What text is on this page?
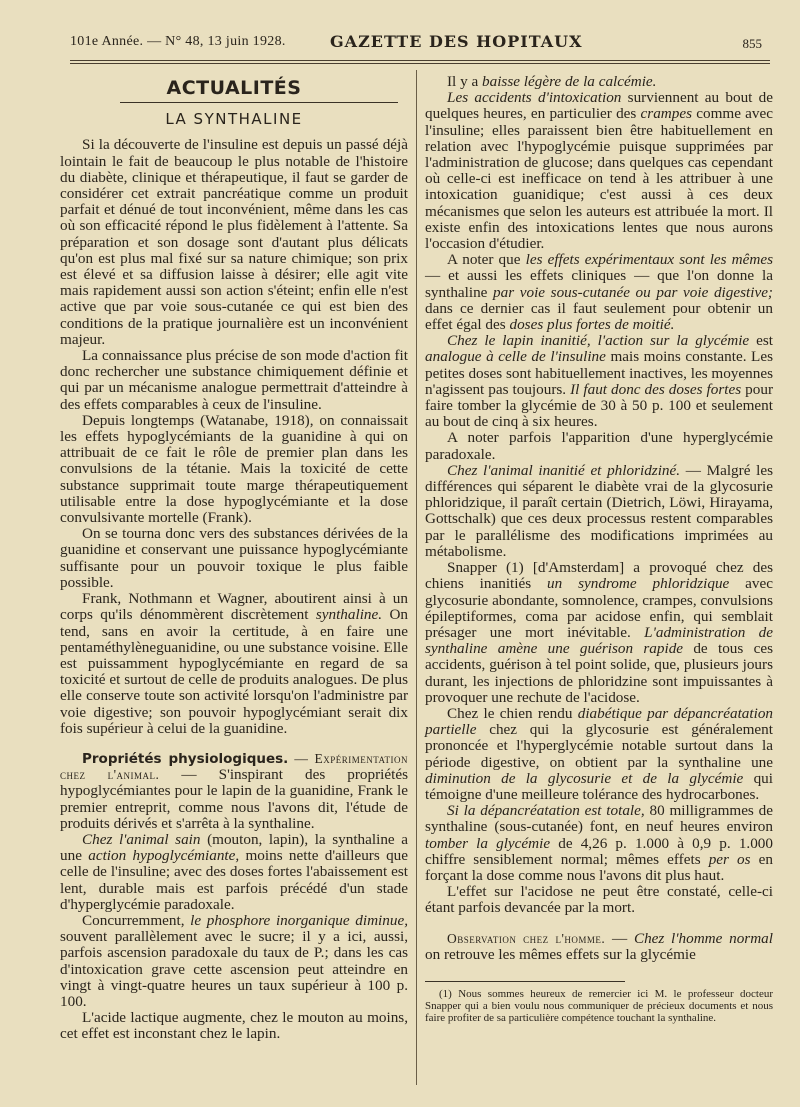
101e Année. — N° 48, 13 juin 1928.	GAZETTE DES HOPITAUX	855
ACTUALITÉS
LA SYNTHALINE

Si la découverte de l'insuline est depuis un passé déjà lointain le fait de beaucoup le plus notable de l'histoire du diabète, clinique et thérapeutique, il faut se garder de considérer cet extrait pancréatique comme un produit parfait et dénué de tout inconvénient, même dans les cas où son efficacité répond le plus fidèlement à l'attente. Sa préparation et son dosage sont d'autant plus délicats qu'on est plus mal fixé sur sa nature chimique; son prix est élevé et sa diffusion laisse à désirer; elle agit vite mais rapidement aussi son action s'éteint; enfin elle n'est active que par voie sous-cutanée ce qui est bien des conditions de la pratique journalière est un inconvénient majeur.

La connaissance plus précise de son mode d'action fit donc rechercher une substance chimiquement définie et qui par un mécanisme analogue permettrait d'atteindre à des effets comparables à ceux de l'insuline.

Depuis longtemps (Watanabe, 1918), on connaissait les effets hypoglycémiants de la guanidine à qui on attribuait de ce fait le rôle de premier plan dans les convulsions de la tétanie. Mais la toxicité de cette substance supprimait toute marge thérapeutiquement utilisable entre la dose hypoglycémiante et la dose convulsivante mortelle (Frank).

On se tourna donc vers des substances dérivées de la guanidine et conservant une puissance hypoglycémiante suffisante pour un pouvoir toxique le plus faible possible.

Frank, Nothmann et Wagner, aboutirent ainsi à un corps qu'ils dénommèrent discrètement synthaline. On tend, sans en avoir la certitude, à en faire une pentaméthylèneguanidine, ou une substance voisine. Elle est puissamment hypoglycémiante en regard de sa toxicité et surtout de celle de produits analogues. De plus elle conserve toute son activité lorsqu'on l'administre par voie digestive; son pouvoir hypoglycémiant serait dix fois supérieur à celui de la guanidine.

Propriétés physiologiques. — Expérimentation chez l'animal. — S'inspirant des propriétés hypoglycémiantes pour le lapin de la guanidine, Frank le premier entreprit, comme nous l'avons dit, l'étude de produits dérivés et s'arrêta à la synthaline.

Chez l'animal sain (mouton, lapin), la synthaline a une action hypoglycémiante, moins nette d'ailleurs que celle de l'insuline; avec des doses fortes l'abaissement est lent, durable mais est parfois précédé d'un stade d'hyperglycémie paradoxale.

Concurremment, le phosphore inorganique diminue, souvent parallèlement avec le sucre; il y a ici, aussi, parfois ascension paradoxale du taux de P.; dans les cas d'intoxication grave cette ascension peut atteindre en vingt à vingt-quatre heures un taux supérieur à 100 p. 100.

L'acide lactique augmente, chez le mouton au moins, cet effet est inconstant chez le lapin.

Il y a baisse légère de la calcémie.

Les accidents d'intoxication surviennent au bout de quelques heures, en particulier des crampes comme avec l'insuline; elles paraissent bien être habituellement en relation avec l'hypoglycémie puisque supprimées par l'administration de glucose; dans quelques cas cependant où celle-ci est inefficace on tend à les attribuer à une intoxication guanidique; c'est aussi à ces deux mécanismes que selon les auteurs est attribuée la mort. Il existe enfin des intoxications lentes que nous aurons l'occasion d'étudier.

A noter que les effets expérimentaux sont les mêmes — et aussi les effets cliniques — que l'on donne la synthaline par voie sous-cutanée ou par voie digestive; dans ce dernier cas il faut seulement pour obtenir un effet égal des doses plus fortes de moitié.

Chez le lapin inanitié, l'action sur la glycémie est analogue à celle de l'insuline mais moins constante. Les petites doses sont habituellement inactives, les moyennes n'agissent pas toujours. Il faut donc des doses fortes pour faire tomber la glycémie de 30 à 50 p. 100 et seulement au bout de cinq à six heures.

A noter parfois l'apparition d'une hyperglycémie paradoxale.

Chez l'animal inanitié et phloridziné. — Malgré les différences qui séparent le diabète vrai de la glycosurie phloridzique, il paraît certain (Dietrich, Löwi, Hirayama, Gottschalk) que ces deux processus restent comparables par le parallélisme des modifications imprimées au métabolisme.

Snapper (1) [d'Amsterdam] a provoqué chez des chiens inanitiés un syndrome phloridzique avec glycosurie abondante, somnolence, crampes, convulsions épileptiformes, coma par acidose enfin, qui semblait présager une mort inévitable. L'administration de synthaline amène une guérison rapide de tous ces accidents, guérison à tel point solide, que, plusieurs jours durant, les injections de phloridzine sont impuissantes à provoquer une rechute de l'acidose.

Chez le chien rendu diabétique par dépancréatation partielle chez qui la glycosurie est généralement prononcée et l'hyperglycémie notable surtout dans la période digestive, on obtient par la synthaline une diminution de la glycosurie et de la glycémie qui témoigne d'une meilleure tolérance des hydrocarbones.

Si la dépancréatation est totale, 80 milligrammes de synthaline (sous-cutanée) font, en neuf heures environ tomber la glycémie de 4,26 p. 1.000 à 0,9 p. 1.000 chiffre sensiblement normal; mêmes effets per os en forçant la dose comme nous l'avons dit plus haut.

L'effet sur l'acidose ne peut être constaté, celle-ci étant parfois devancée par la mort.

Observation chez l'homme. — Chez l'homme normal on retrouve les mêmes effets sur la glycémie

(1) Nous sommes heureux de remercier ici M. le professeur docteur Snapper qui a bien voulu nous communiquer de précieux documents et nous faire profiter de sa particulière compétence touchant la synthaline.
